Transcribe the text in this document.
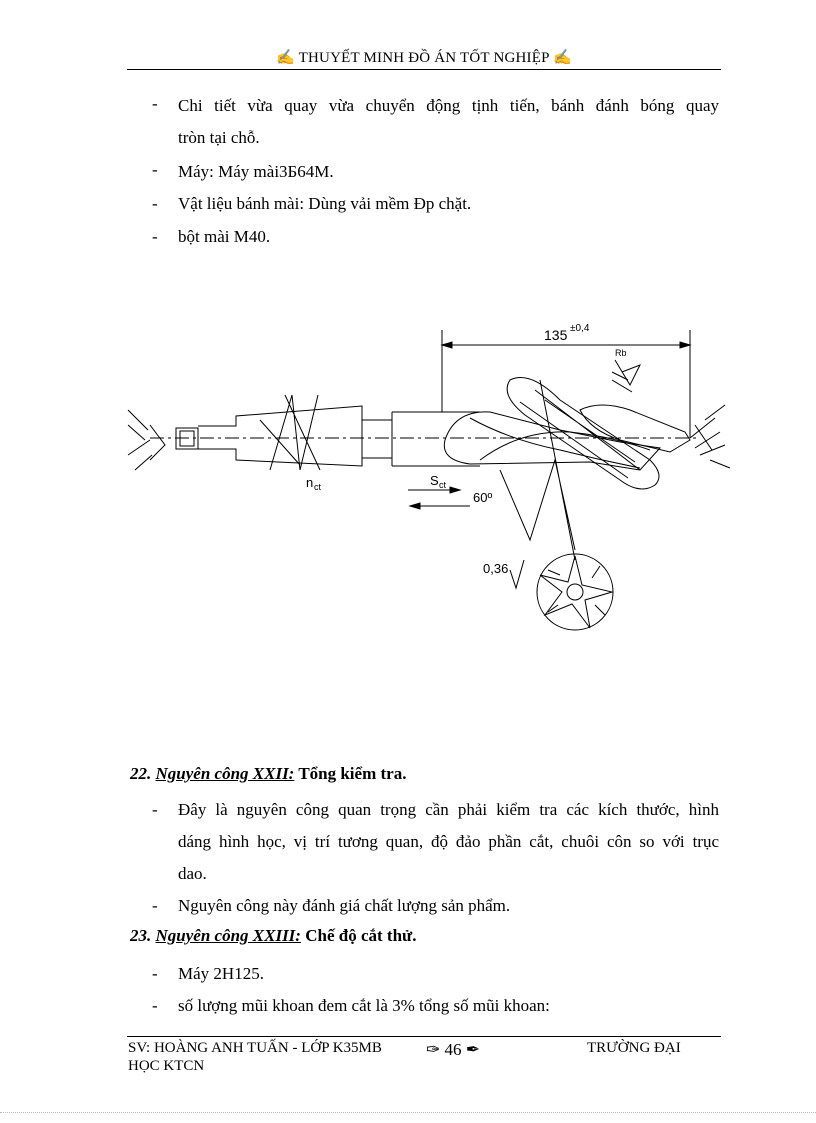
✍ THUYẾT MINH ĐỒ ÁN TỐT NGHIỆP ✍
- Chi tiết vừa quay vừa chuyển động tịnh tiến, bánh đánh bóng quay
tròn tại chỗ.
- Máy: Máy mài3Б64M.
- Vật liệu bánh mài: Dùng vải mềm Ðp chặt.
- bột mài M40.
135 ±0,4
Rb
n ct	S ct
60º
0,36
22. Nguyên công XXII: Tổng kiểm tra.
- Đây là nguyên công quan trọng cần phải kiểm tra các kích thước, hình
dáng hình học, vị trí tương quan, độ đảo phần cắt, chuôi côn so với trục
dao.
- Nguyên công này đánh giá chất lượng sản phẩm.
23. Nguyên công XXIII: Chế độ cắt thử.
- Máy 2H125.
- số lượng mũi khoan đem cắt là 3% tổng số mũi khoan:
SV: HOÀNG ANH TUẤN - LỚP K35MB	✑ 46 ✒	TRƯỜNG ĐẠI
HỌC KTCN
